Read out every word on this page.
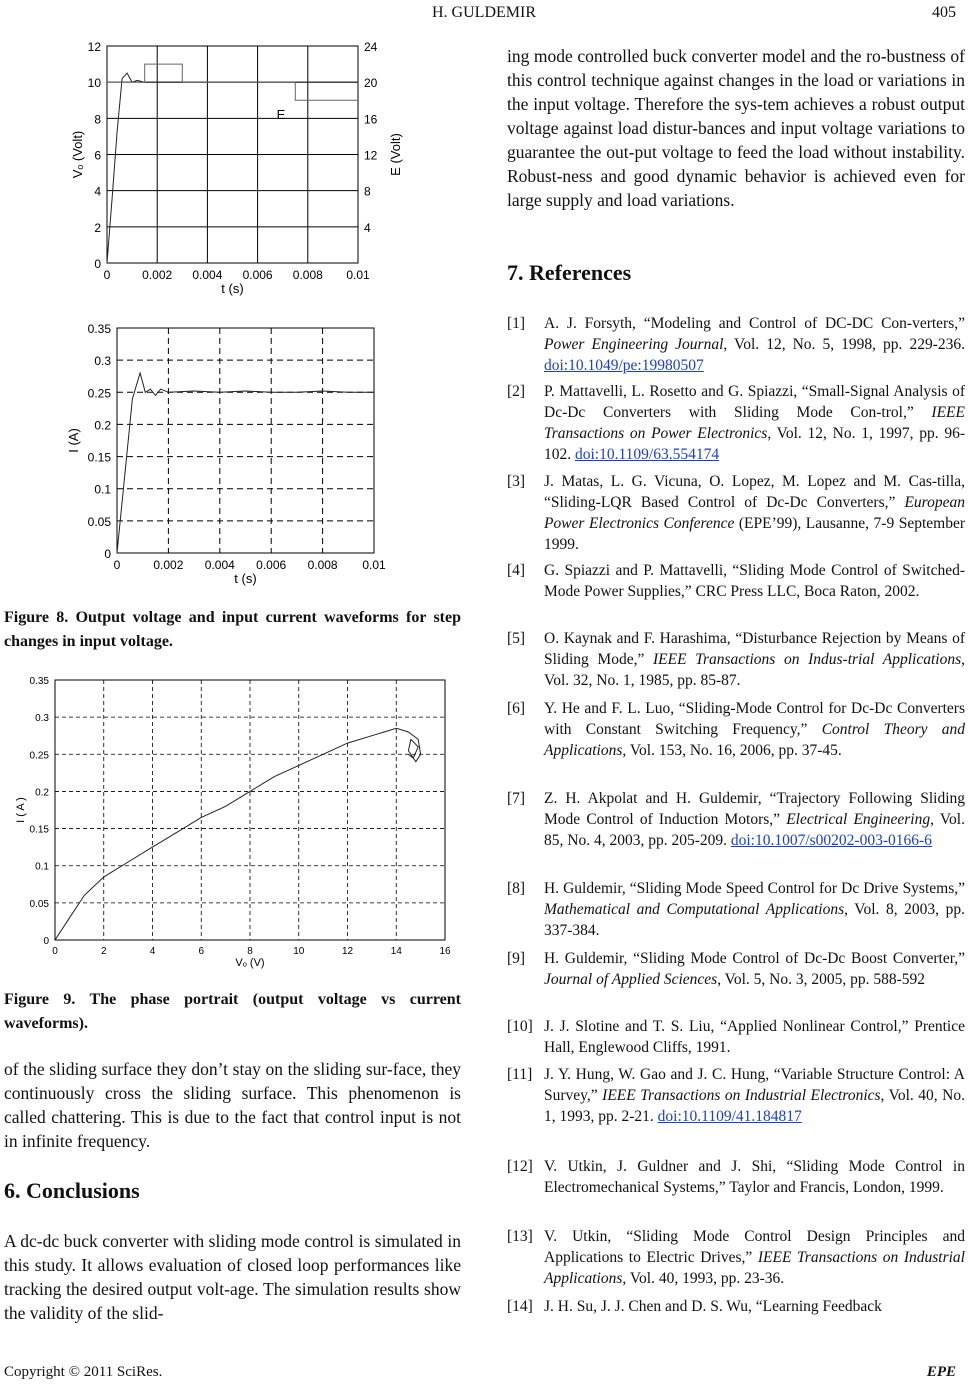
H. GULDEMIR	405
0	0.002 0.004 0.006 0.008 0.01
0
2
4
6
8
10
12
t (s)
Vₒ (Volt)
4
8
12
16
20
24
E (Volt)
E
0	0.002 0.004 0.006 0.008 0.01
0
0.05
0.1
0.15
0.2
0.25
0.3
0.35
t (s)
I (A)
Figure 8. Output voltage and input current waveforms for step changes in input voltage.
0	2	4	6	8	10	12	14	16
0
0.05
0.1
0.15
0.2
0.25
0.3
0.35
Vₒ (V)
I ( A )
Figure 9. The phase portrait (output voltage vs current waveforms).
of the sliding surface they don’t stay on the sliding sur-face, they continuously cross the sliding surface. This phenomenon is called chattering. This is due to the fact that control input is not in infinite frequency.
6. Conclusions
A dc-dc buck converter with sliding mode control is simulated in this study. It allows evaluation of closed loop performances like tracking the desired output volt-age. The simulation results show the validity of the slid-
ing mode controlled buck converter model and the ro-bustness of this control technique against changes in the load or variations in the input voltage. Therefore the sys-tem achieves a robust output voltage against load distur-bances and input voltage variations to guarantee the out-put voltage to feed the load without instability. Robust-ness and good dynamic behavior is achieved even for large supply and load variations.
7. References
[1] A. J. Forsyth, “Modeling and Control of DC-DC Con-verters,” Power Engineering Journal, Vol. 12, No. 5, 1998, pp. 229-236. doi:10.1049/pe:19980507
[2] P. Mattavelli, L. Rosetto and G. Spiazzi, “Small-Signal Analysis of Dc-Dc Converters with Sliding Mode Con-trol,” IEEE Transactions on Power Electronics, Vol. 12, No. 1, 1997, pp. 96-102. doi:10.1109/63.554174
[3] J. Matas, L. G. Vicuna, O. Lopez, M. Lopez and M. Cas-tilla, “Sliding-LQR Based Control of Dc-Dc Converters,” European Power Electronics Conference (EPE’99), Lausanne, 7-9 September 1999.
[4] G. Spiazzi and P. Mattavelli, “Sliding Mode Control of Switched-Mode Power Supplies,” CRC Press LLC, Boca Raton, 2002.
[5] O. Kaynak and F. Harashima, “Disturbance Rejection by Means of Sliding Mode,” IEEE Transactions on Indus-trial Applications, Vol. 32, No. 1, 1985, pp. 85-87.
[6] Y. He and F. L. Luo, “Sliding-Mode Control for Dc-Dc Converters with Constant Switching Frequency,” Control Theory and Applications, Vol. 153, No. 16, 2006, pp. 37-45.
[7] Z. H. Akpolat and H. Guldemir, “Trajectory Following Sliding Mode Control of Induction Motors,” Electrical Engineering, Vol. 85, No. 4, 2003, pp. 205-209. doi:10.1007/s00202-003-0166-6
[8] H. Guldemir, “Sliding Mode Speed Control for Dc Drive Systems,” Mathematical and Computational Applications, Vol. 8, 2003, pp. 337-384.
[9] H. Guldemir, “Sliding Mode Control of Dc-Dc Boost Converter,” Journal of Applied Sciences, Vol. 5, No. 3, 2005, pp. 588-592
[10] J. J. Slotine and T. S. Liu, “Applied Nonlinear Control,” Prentice Hall, Englewood Cliffs, 1991.
[11] J. Y. Hung, W. Gao and J. C. Hung, “Variable Structure Control: A Survey,” IEEE Transactions on Industrial Electronics, Vol. 40, No. 1, 1993, pp. 2-21. doi:10.1109/41.184817
[12] V. Utkin, J. Guldner and J. Shi, “Sliding Mode Control in Electromechanical Systems,” Taylor and Francis, London, 1999.
[13] V. Utkin, “Sliding Mode Control Design Principles and Applications to Electric Drives,” IEEE Transactions on Industrial Applications, Vol. 40, 1993, pp. 23-36.
[14] J. H. Su, J. J. Chen and D. S. Wu, “Learning Feedback
Copyright © 2011 SciRes.	EPE
